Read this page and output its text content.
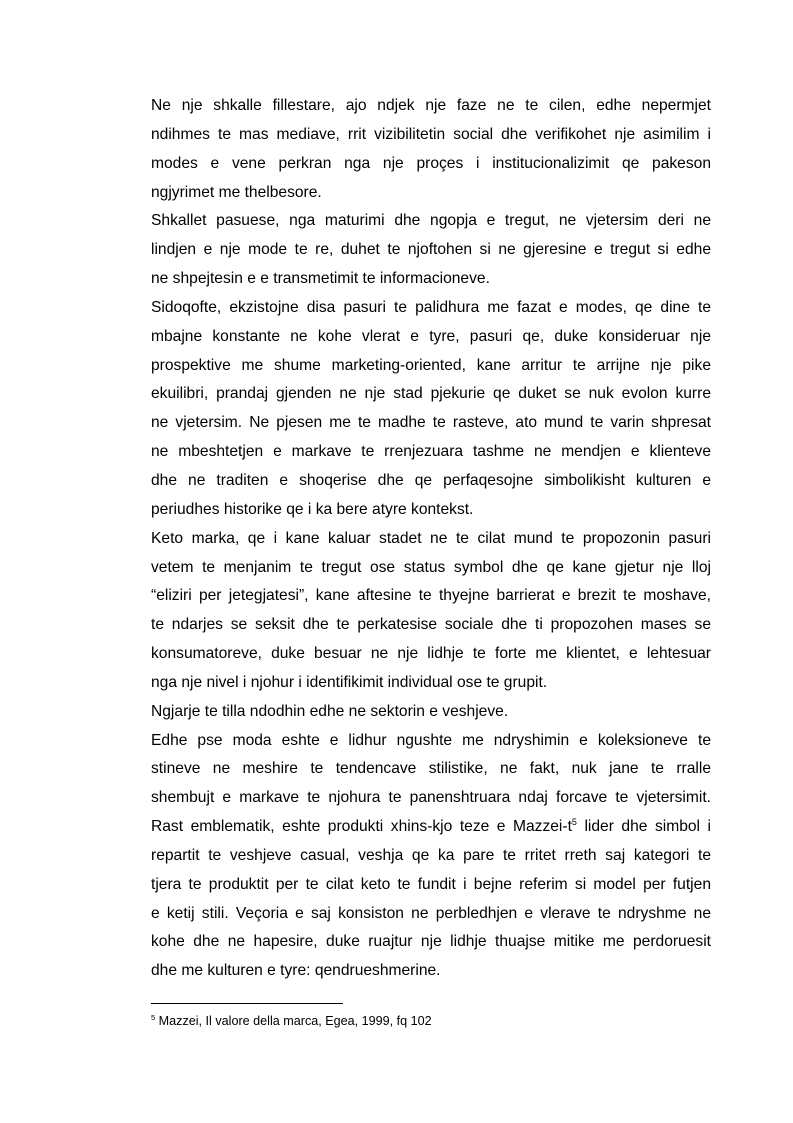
Ne nje shkalle fillestare, ajo ndjek nje faze ne te cilen, edhe nepermjet

ndihmes te mas mediave, rrit vizibilitetin social dhe verifikohet nje asimilim i

modes e vene perkran nga nje proçes i institucionalizimit qe pakeson

ngjyrimet me thelbesore.

Shkallet pasuese, nga maturimi dhe ngopja e tregut, ne vjetersim deri ne

lindjen e nje mode te re, duhet te njoftohen si ne gjeresine e tregut si edhe

ne shpejtesin e e transmetimit te informacioneve.

Sidoqofte, ekzistojne disa pasuri te palidhura me fazat e modes, qe dine te

mbajne konstante ne kohe vlerat e tyre, pasuri qe, duke konsideruar nje

prospektive me shume marketing-oriented, kane arritur te arrijne nje pike

ekuilibri, prandaj gjenden ne nje stad pjekurie qe duket se nuk evolon kurre

ne vjetersim. Ne pjesen me te madhe te rasteve, ato mund te varin shpresat

ne mbeshtetjen e markave te rrenjezuara tashme ne mendjen e klienteve

dhe ne traditen e shoqerise dhe qe perfaqesojne simbolikisht kulturen e

periudhes historike qe i ka bere atyre kontekst.

Keto marka, qe i kane kaluar stadet ne te cilat mund te propozonin pasuri

vetem te menjanim te tregut ose status symbol dhe qe kane gjetur nje lloj

“eliziri per jetegjatesi”, kane aftesine te thyejne barrierat e brezit te moshave,

te ndarjes se seksit dhe te perkatesise sociale dhe ti propozohen mases se

konsumatoreve, duke besuar ne nje lidhje te forte me klientet, e lehtesuar

nga nje nivel i njohur i identifikimit individual ose te grupit.

Ngjarje te tilla ndodhin edhe ne sektorin e veshjeve.

Edhe pse moda eshte e lidhur ngushte me ndryshimin e koleksioneve te

stineve ne meshire te tendencave stilistike, ne fakt, nuk jane te rralle

shembujt e markave te njohura te panenshtruara ndaj forcave te vjetersimit.

Rast emblematik, eshte produkti xhins-kjo teze e Mazzei-$t^5$ lider dhe simbol i

repartit te veshjeve casual, veshja qe ka pare te rritet rreth saj kategori te

tjera te produktit per te cilat keto te fundit i bejne referim si model per futjen

e ketij stili. Veçoria e saj konsiston ne perbledhjen e vlerave te ndryshme ne

kohe dhe ne hapesire, duke ruajtur nje lidhje thuajse mitike me perdoruesit

dhe me kulturen e tyre: qendrueshmerine.

$^5$ Mazzei, Il valore della marca, Egea, 1999, fq 102
